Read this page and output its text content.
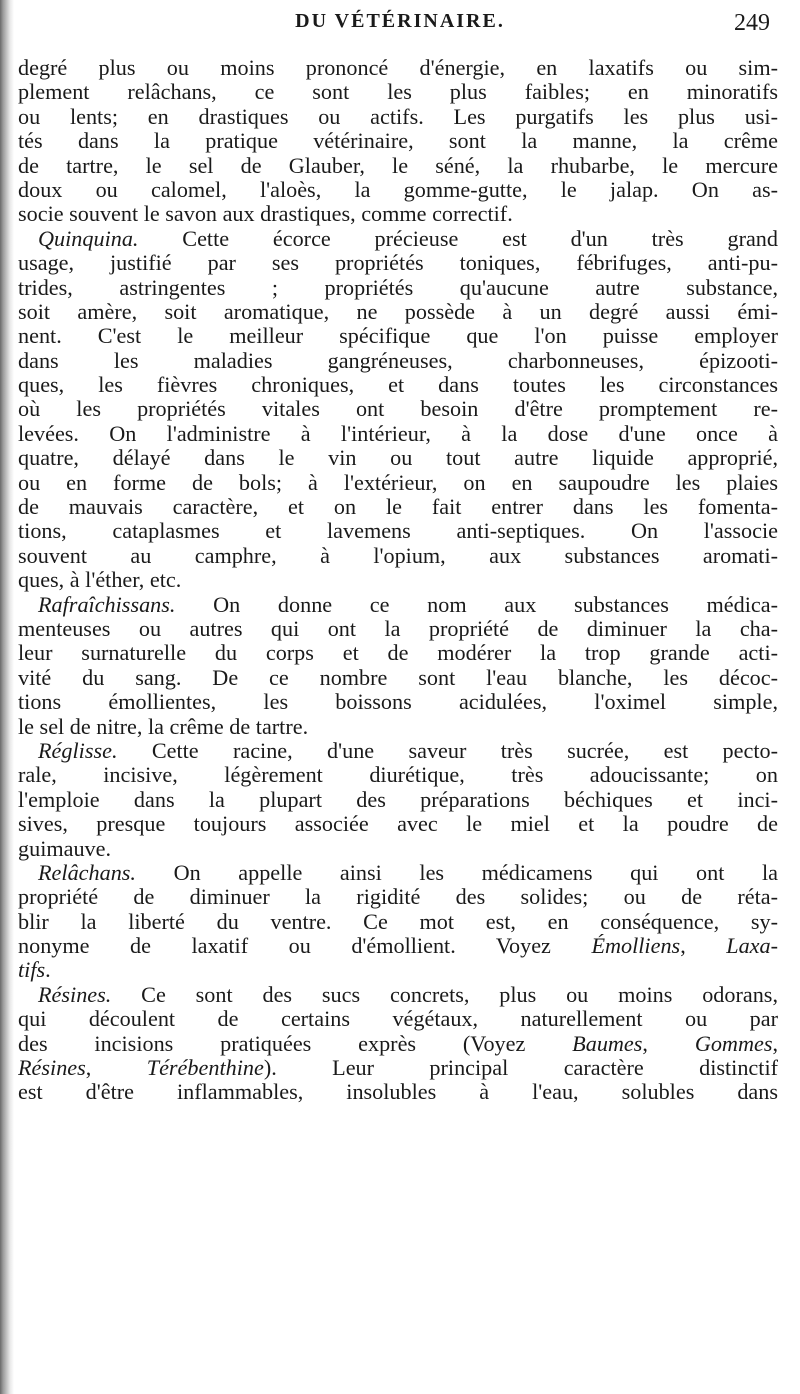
DU VÉTÉRINAIRE.	249
degré plus ou moins prononcé d'énergie, en laxatifs ou sim-
plement relâchans, ce sont les plus faibles; en minoratifs
ou lents; en drastiques ou actifs. Les purgatifs les plus usi-
tés dans la pratique vétérinaire, sont la manne, la crême
de tartre, le sel de Glauber, le séné, la rhubarbe, le mercure
doux ou calomel, l'aloès, la gomme-gutte, le jalap. On as-
socie souvent le savon aux drastiques, comme correctif.
Quinquina. Cette écorce précieuse est d'un très grand
usage, justifié par ses propriétés toniques, fébrifuges, anti-pu-
trides, astringentes ; propriétés qu'aucune autre substance,
soit amère, soit aromatique, ne possède à un degré aussi émi-
nent. C'est le meilleur spécifique que l'on puisse employer
dans les maladies gangréneuses, charbonneuses, épizooti-
ques, les fièvres chroniques, et dans toutes les circonstances
où les propriétés vitales ont besoin d'être promptement re-
levées. On l'administre à l'intérieur, à la dose d'une once à
quatre, délayé dans le vin ou tout autre liquide approprié,
ou en forme de bols; à l'extérieur, on en saupoudre les plaies
de mauvais caractère, et on le fait entrer dans les fomenta-
tions, cataplasmes et lavemens anti-septiques. On l'associe
souvent au camphre, à l'opium, aux substances aromati-
ques, à l'éther, etc.
Rafraîchissans. On donne ce nom aux substances médica-
menteuses ou autres qui ont la propriété de diminuer la cha-
leur surnaturelle du corps et de modérer la trop grande acti-
vité du sang. De ce nombre sont l'eau blanche, les décoc-
tions émollientes, les boissons acidulées, l'oximel simple,
le sel de nitre, la crême de tartre.
Réglisse. Cette racine, d'une saveur très sucrée, est pecto-
rale, incisive, légèrement diurétique, très adoucissante; on
l'emploie dans la plupart des préparations béchiques et inci-
sives, presque toujours associée avec le miel et la poudre de
guimauve.
Relâchans. On appelle ainsi les médicamens qui ont la
propriété de diminuer la rigidité des solides; ou de réta-
blir la liberté du ventre. Ce mot est, en conséquence, sy-
nonyme de laxatif ou d'émollient. Voyez Émolliens, Laxa-
tifs.
Résines. Ce sont des sucs concrets, plus ou moins odorans,
qui découlent de certains végétaux, naturellement ou par
des incisions pratiquées exprès (Voyez Baumes, Gommes,
Résines, Térébenthine). Leur principal caractère distinctif
est d'être inflammables, insolubles à l'eau, solubles dans
